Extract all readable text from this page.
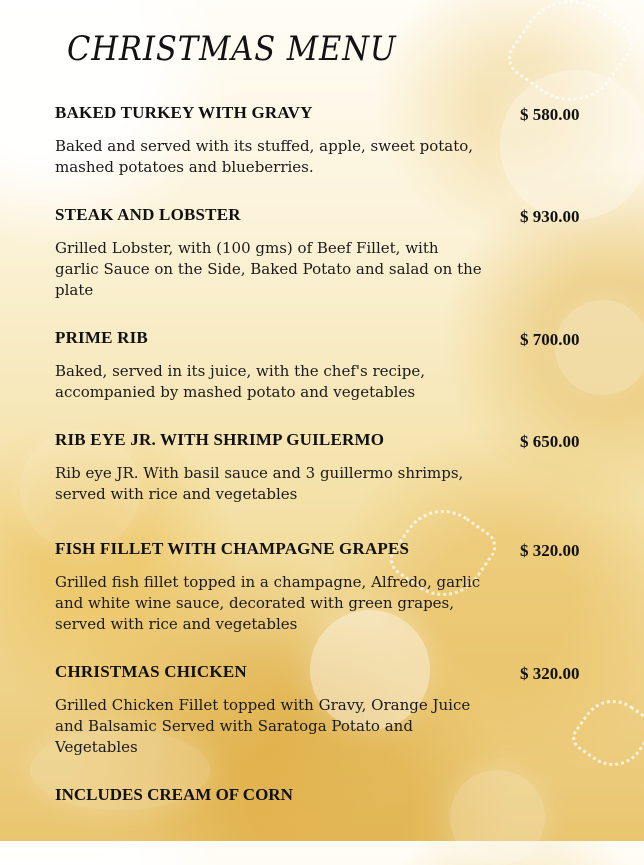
CHRISTMAS MENU
BAKED TURKEY WITH GRAVY	$ 580.00

Baked and served with its stuffed, apple, sweet potato, mashed potatoes and blueberries.

STEAK AND LOBSTER	$ 930.00

Grilled Lobster, with (100 gms) of Beef Fillet, with garlic Sauce on the Side, Baked Potato and salad on the plate

PRIME RIB	$ 700.00

Baked, served in its juice, with the chef's recipe, accompanied by mashed potato and vegetables

RIB EYE JR. WITH SHRIMP GUILERMO	$ 650.00

Rib eye JR. With basil sauce and 3 guillermo shrimps, served with rice and vegetables

FISH FILLET WITH CHAMPAGNE GRAPES	$ 320.00

Grilled fish fillet topped in a champagne, Alfredo, garlic and white wine sauce, decorated with green grapes, served with rice and vegetables

CHRISTMAS CHICKEN	$ 320.00

Grilled Chicken Fillet topped with Gravy, Orange Juice and Balsamic Served with Saratoga Potato and Vegetables

INCLUDES CREAM OF CORN
